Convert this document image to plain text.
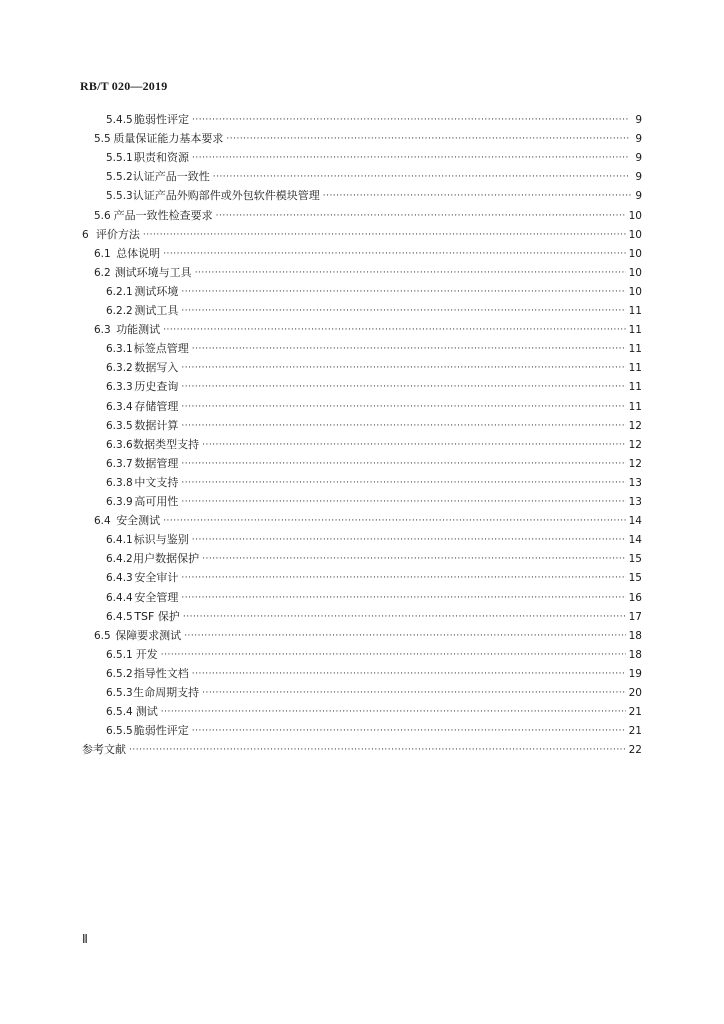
RB/T 020—2019
5.4.5 脆弱性评定 ·····	9
5.5 质量保证能力基本要求 ·····	9
5.5.1 职责和资源 ·····	9
5.5.2 认证产品一致性 ·····	9
5.5.3 认证产品外购部件或外包软件模块管理 ·····	9
5.6 产品一致性检查要求 ·····	10
6 评价方法 ·····	10
6.1 总体说明 ·····	10
6.2 测试环境与工具 ·····	10
6.2.1 测试环境 ·····	10
6.2.2 测试工具 ·····	11
6.3 功能测试 ·····	11
6.3.1 标签点管理 ·····	11
6.3.2 数据写入 ·····	11
6.3.3 历史查询 ·····	11
6.3.4 存储管理 ·····	11
6.3.5 数据计算 ·····	12
6.3.6 数据类型支持 ·····	12
6.3.7 数据管理 ·····	12
6.3.8 中文支持 ·····	13
6.3.9 高可用性 ·····	13
6.4 安全测试 ·····	14
6.4.1 标识与鉴别 ·····	14
6.4.2 用户数据保护 ·····	15
6.4.3 安全审计 ·····	15
6.4.4 安全管理 ·····	16
6.4.5 TSF 保护 ·····	17
6.5 保障要求测试 ·····	18
6.5.1 开发 ·····	18
6.5.2 指导性文档 ·····	19
6.5.3 生命周期支持 ·····	20
6.5.4 测试 ·····	21
6.5.5 脆弱性评定 ·····	21
参考文献 ·····	22
Ⅱ
